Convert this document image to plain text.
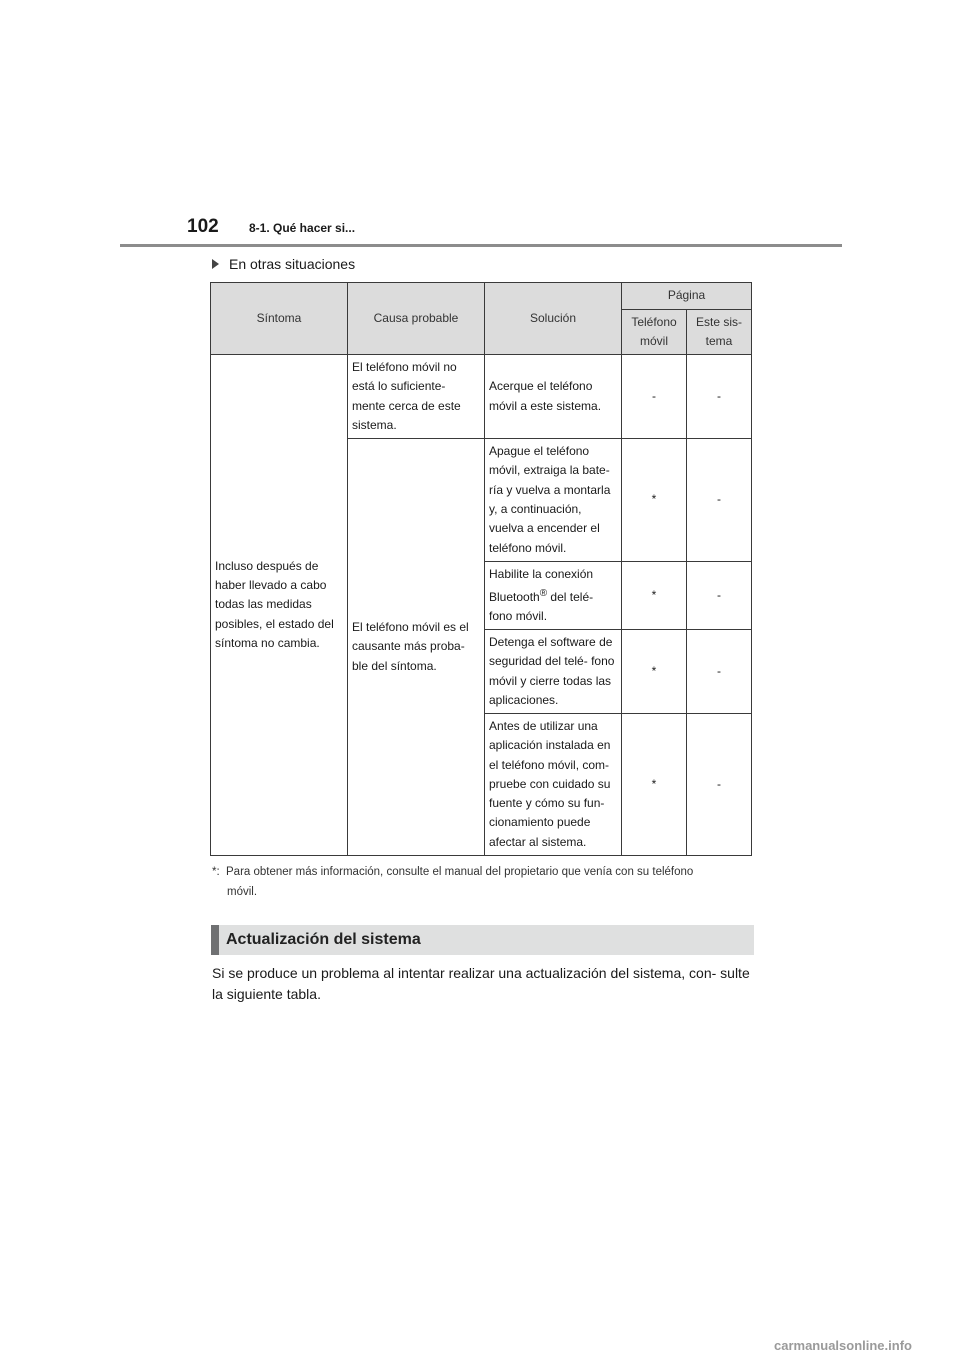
102	8-1. Qué hacer si...
En otras situaciones
Síntoma	Causa probable	Solución	Página	
			Teléfono móvil	Este sis- tema
Incluso después de haber llevado a cabo todas las medidas posibles, el estado del síntoma no cambia.	El teléfono móvil no está lo suficiente- mente cerca de este sistema.	Acerque el teléfono móvil a este sistema.	-	-
	El teléfono móvil es el causante más proba- ble del síntoma.	Apague el teléfono móvil, extraiga la bate- ría y vuelva a montarla y, a continuación, vuelva a encender el teléfono móvil.	*	-
		Habilite la conexión Bluetooth® del telé- fono móvil.	*	-
		Detenga el software de seguridad del telé- fono móvil y cierre todas las aplicaciones.	*	-
		Antes de utilizar una aplicación instalada en el teléfono móvil, com- pruebe con cuidado su fuente y cómo su fun- cionamiento puede afectar al sistema.	*	-
*: Para obtener más información, consulte el manual del propietario que venía con su teléfono
móvil.
Actualización del sistema
Si se produce un problema al intentar realizar una actualización del sistema, con- sulte la siguiente tabla.
carmanualsonline.info
